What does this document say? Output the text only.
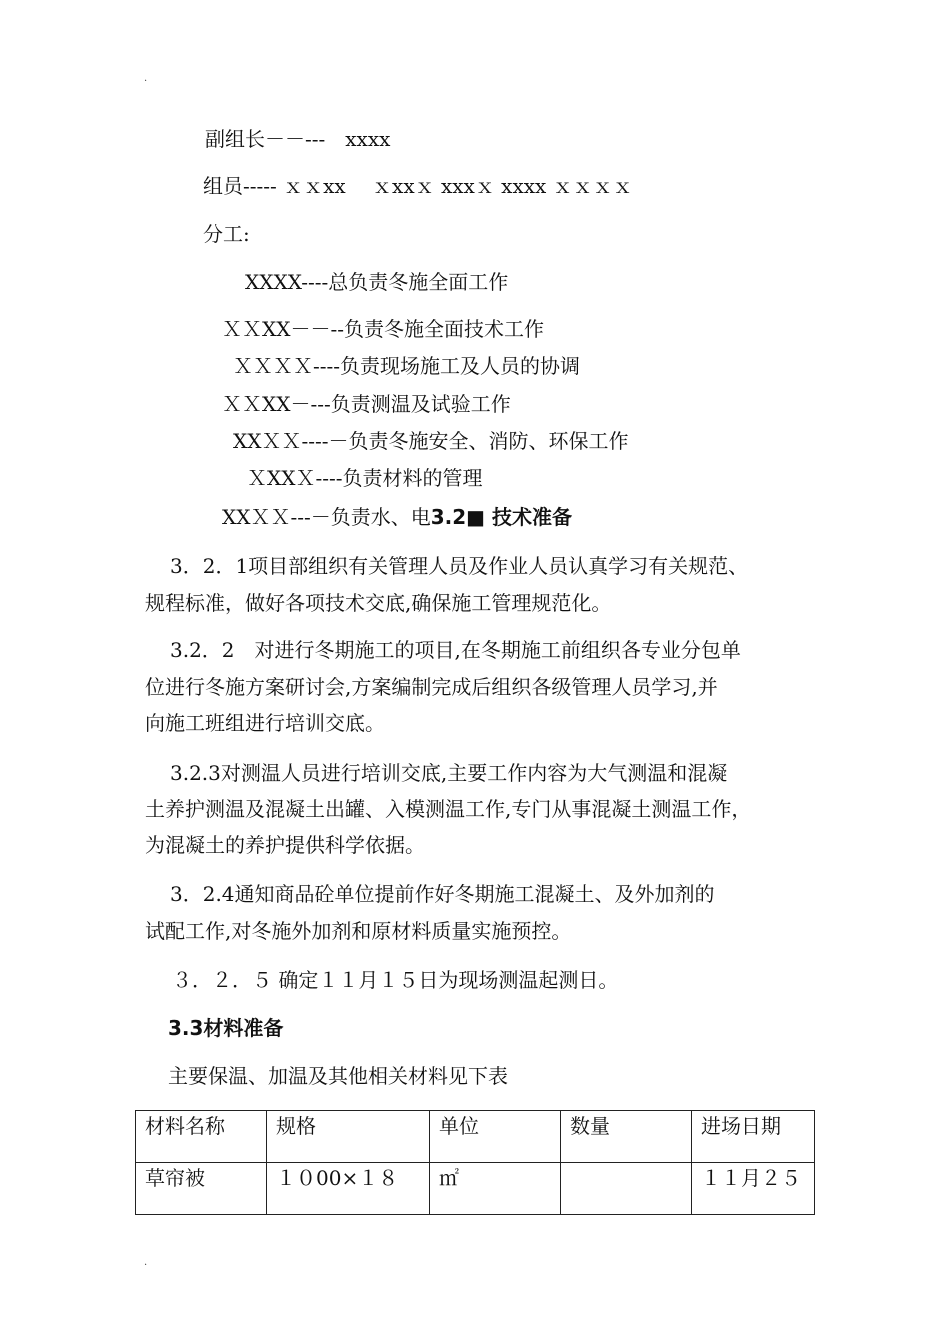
.
副组长－－---　xxxx
组员----- ｘｘxx　 ｘxxｘ xxxｘ xxxx ｘｘｘｘ
分工:
XXXX----总负责冬施全面工作
ＸＸXX－－--负责冬施全面技术工作
ＸＸＸＸ----负责现场施工及人员的协调
ＸＸXX－---负责测温及试验工作
XXＸＸ----－负责冬施安全、消防、环保工作
ＸXXＸ----负责材料的管理
XXＸＸ---－负责水、电3.2■ 技术准备
3．2．1项目部组织有关管理人员及作业人员认真学习有关规范、
规程标准，做好各项技术交底,确保施工管理规范化。
3.2．2　对进行冬期施工的项目,在冬期施工前组织各专业分包单
位进行冬施方案研讨会,方案编制完成后组织各级管理人员学习,并
向施工班组进行培训交底。
3.2.3对测温人员进行培训交底,主要工作内容为大气测温和混凝
土养护测温及混凝土出罐、入模测温工作,专门从事混凝土测温工作，
为混凝土的养护提供科学依据。
3．2.4通知商品砼单位提前作好冬期施工混凝土、及外加剂的
试配工作,对冬施外加剂和原材料质量实施预控。
３．２．５ 确定１１月１５日为现场测温起测日。
3.3材料准备
主要保温、加温及其他相关材料见下表
材料名称	规格	单位	数量	进场日期
草帘被	１０00×１８	㎡		１１月２５
.
